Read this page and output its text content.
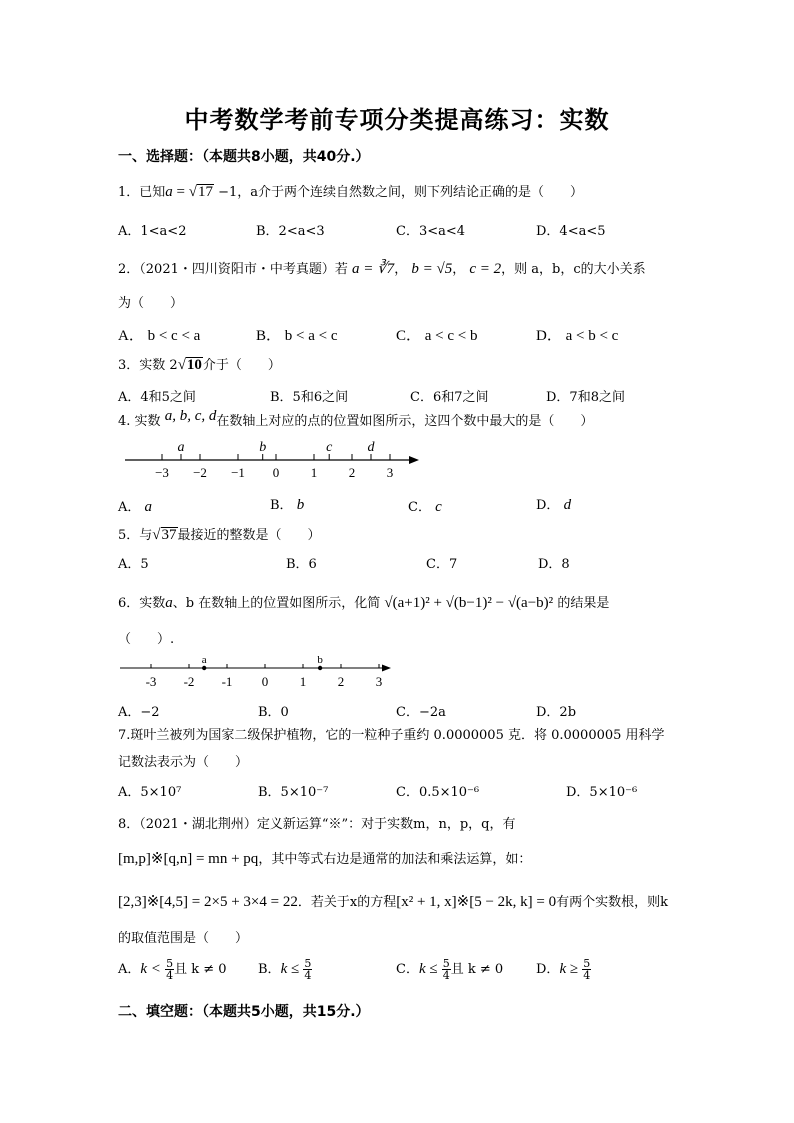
中考数学考前专项分类提高练习：实数
一、选择题：（本题共8小题，共40分.）
1．已知a = √17 −1，a介于两个连续自然数之间，则下列结论正确的是（　　）
A．1<a<2	B．2<a<3	C．3<a<4	D．4<a<5
2．（2021・四川资阳市・中考真题）若 a = ∛7， b = √5， c = 2，则 a，b，c的大小关系
为（　　）
A． b < c < a	B． b < a < c	C． a < c < b	D． a < b < c
3．实数 2√10介于（　　）
A．4和5之间	B．5和6之间	C．6和7之间	D．7和8之间
4. 实数 a, b, c, d在数轴上对应的点的位置如图所示，这四个数中最大的是（　　）
−3 −2 −1 0 1 2 3
a	b	c	d
A． a	B． b	C． c	D． d
5．与√37最接近的整数是（　　）
A．5	B．6	C．7	D．8
6．实数a、b 在数轴上的位置如图所示，化简 √(a+1)² + √(b−1)² − √(a−b)² 的结果是
（　　）.
-3 -2 -1 0 1 2 3
a	b
A．−2	B．0	C．−2a	D．2b
7.斑叶兰被列为国家二级保护植物，它的一粒种子重约 0.0000005 克．将 0.0000005 用科学
记数法表示为（　　）
A．5×10⁷	B．5×10⁻⁷	C．0.5×10⁻⁶	D．5×10⁻⁶
8．（2021・湖北荆州）定义新运算“※”：对于实数m，n，p，q，有
[m,p]※[q,n] = mn + pq，其中等式右边是通常的加法和乘法运算，如：
[2,3]※[4,5] = 2×5 + 3×4 = 22．若关于x的方程[x² + 1, x]※[5 − 2k, k] = 0有两个实数根，则k
的取值范围是（　　）
A．$k < \frac{5}{4}$ 且 k ≠ 0 B．$k \le \frac{5}{4}$	C．$k \le \frac{5}{4}$ 且 k ≠ 0	D．$k \ge \frac{5}{4}$
二、填空题：（本题共5小题，共15分.）
